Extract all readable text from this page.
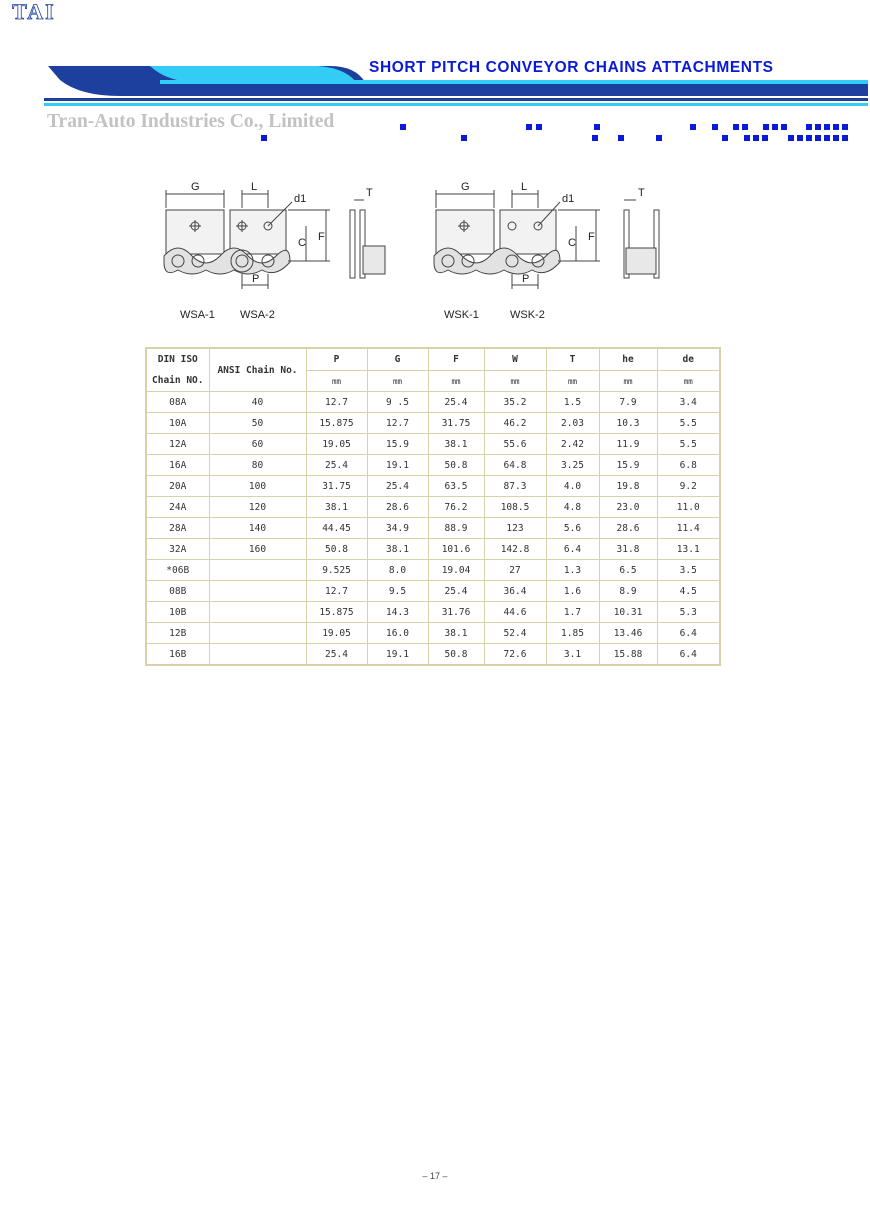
TAI
SHORT PITCH CONVEYOR CHAINS ATTACHMENTS
Tran-Auto Industries Co., Limited
G	L
d1	T
C F
P
G	L
d1	T
C F
P
WSA-1 WSA-2	WSK-1	WSK-2
DIN ISO
Chain NO.	ANSI Chain No.	P	G	F	W	T	he	de
		mm	mm	mm	mm	mm	mm	mm
08A	40	12.7	9 .5	25.4	35.2	1.5	7.9	3.4
10A	50	15.875	12.7	31.75	46.2	2.03	10.3	5.5
12A	60	19.05	15.9	38.1	55.6	2.42	11.9	5.5
16A	80	25.4	19.1	50.8	64.8	3.25	15.9	6.8
20A	100	31.75	25.4	63.5	87.3	4.0	19.8	9.2
24A	120	38.1	28.6	76.2	108.5	4.8	23.0	11.0
28A	140	44.45	34.9	88.9	123	5.6	28.6	11.4
32A	160	50.8	38.1	101.6	142.8	6.4	31.8	13.1
*06B		9.525	8.0	19.04	27	1.3	6.5	3.5
08B		12.7	9.5	25.4	36.4	1.6	8.9	4.5
10B		15.875	14.3	31.76	44.6	1.7	10.31	5.3
12B		19.05	16.0	38.1	52.4	1.85	13.46	6.4
16B		25.4	19.1	50.8	72.6	3.1	15.88	6.4
– 17 –
